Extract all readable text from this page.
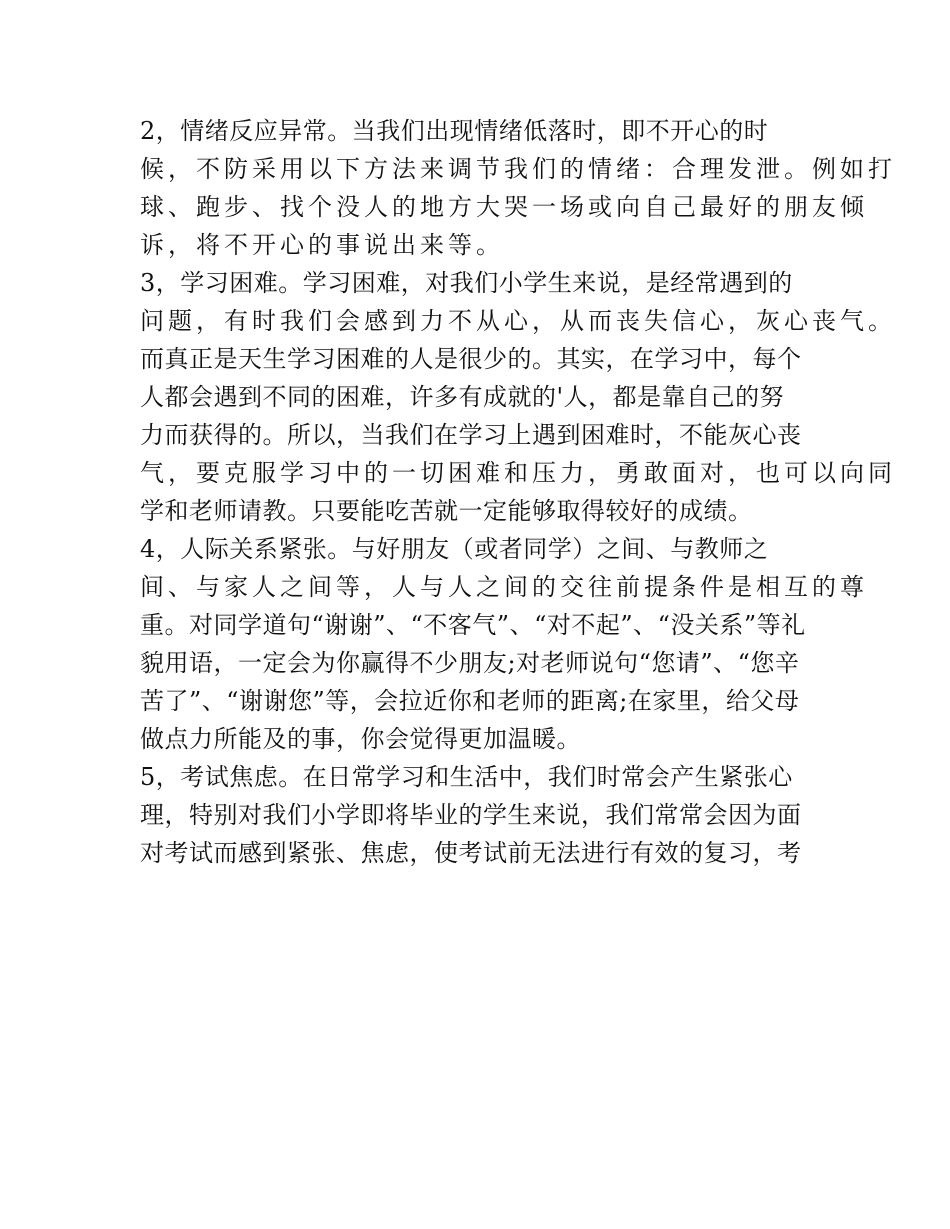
2，情绪反应异常。当我们出现情绪低落时，即不开心的时
候，不防采用以下方法来调节我们的情绪：合理发泄。例如打
球、跑步、找个没人的地方大哭一场或向自己最好的朋友倾
诉，将不开心的事说出来等。
3，学习困难。学习困难，对我们小学生来说，是经常遇到的
问题，有时我们会感到力不从心，从而丧失信心，灰心丧气。
而真正是天生学习困难的人是很少的。其实，在学习中，每个
人都会遇到不同的困难，许多有成就的'人，都是靠自己的努
力而获得的。所以，当我们在学习上遇到困难时，不能灰心丧
气，要克服学习中的一切困难和压力，勇敢面对，也可以向同
学和老师请教。只要能吃苦就一定能够取得较好的成绩。
4，人际关系紧张。与好朋友（或者同学）之间、与教师之
间、与家人之间等，人与人之间的交往前提条件是相互的尊
重。对同学道句“谢谢”、“不客气”、“对不起”、“没关系”等礼
貌用语，一定会为你赢得不少朋友;对老师说句“您请”、“您辛
苦了”、“谢谢您”等，会拉近你和老师的距离;在家里，给父母
做点力所能及的事，你会觉得更加温暖。
5，考试焦虑。在日常学习和生活中，我们时常会产生紧张心
理，特别对我们小学即将毕业的学生来说，我们常常会因为面
对考试而感到紧张、焦虑，使考试前无法进行有效的复习，考
